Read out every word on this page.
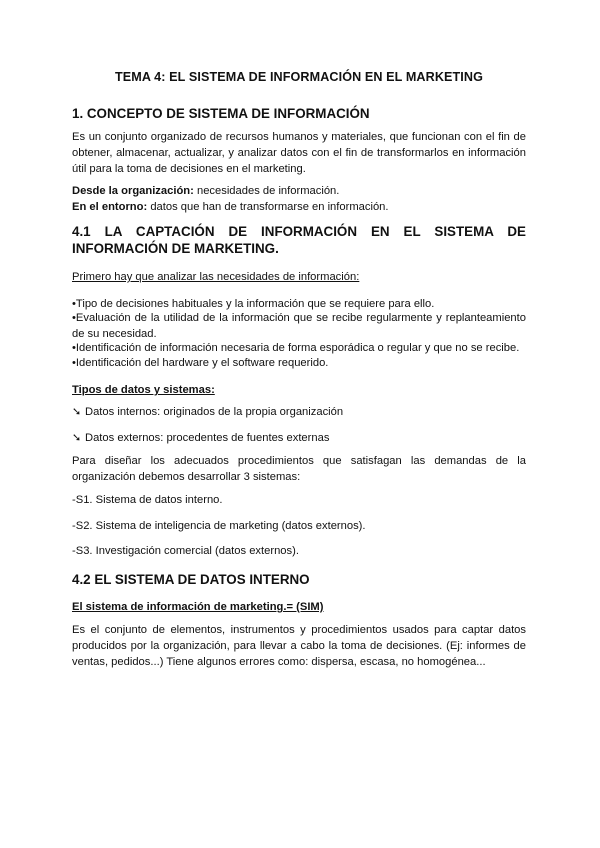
TEMA 4: EL SISTEMA DE INFORMACIÓN EN EL MARKETING
1. CONCEPTO DE SISTEMA DE INFORMACIÓN
Es un conjunto organizado de recursos humanos y materiales, que funcionan con el fin de obtener, almacenar, actualizar, y analizar datos con el fin de transformarlos en información útil para la toma de decisiones en el marketing.
Desde la organización: necesidades de información.
En el entorno: datos que han de transformarse en información.
4.1 LA CAPTACIÓN DE INFORMACIÓN EN EL SISTEMA DE INFORMACIÓN DE MARKETING.
Primero hay que analizar las necesidades de información:
•Tipo de decisiones habituales y la información que se requiere para ello.
•Evaluación de la utilidad de la información que se recibe regularmente y replanteamiento de su necesidad.
•Identificación de información necesaria de forma esporádica o regular y que no se recibe.
•Identificación del hardware y el software requerido.
Tipos de datos y sistemas:
➘ Datos internos: originados de la propia organización
➘ Datos externos: procedentes de fuentes externas
Para diseñar los adecuados procedimientos que satisfagan las demandas de la organización debemos desarrollar 3 sistemas:
-S1. Sistema de datos interno.
-S2. Sistema de inteligencia de marketing (datos externos).
-S3. Investigación comercial (datos externos).
4.2 EL SISTEMA DE DATOS INTERNO
El sistema de información de marketing.= (SIM)
Es el conjunto de elementos, instrumentos y procedimientos usados para captar datos producidos por la organización, para llevar a cabo la toma de decisiones. (Ej: informes de ventas, pedidos...) Tiene algunos errores como: dispersa, escasa, no homogénea...
